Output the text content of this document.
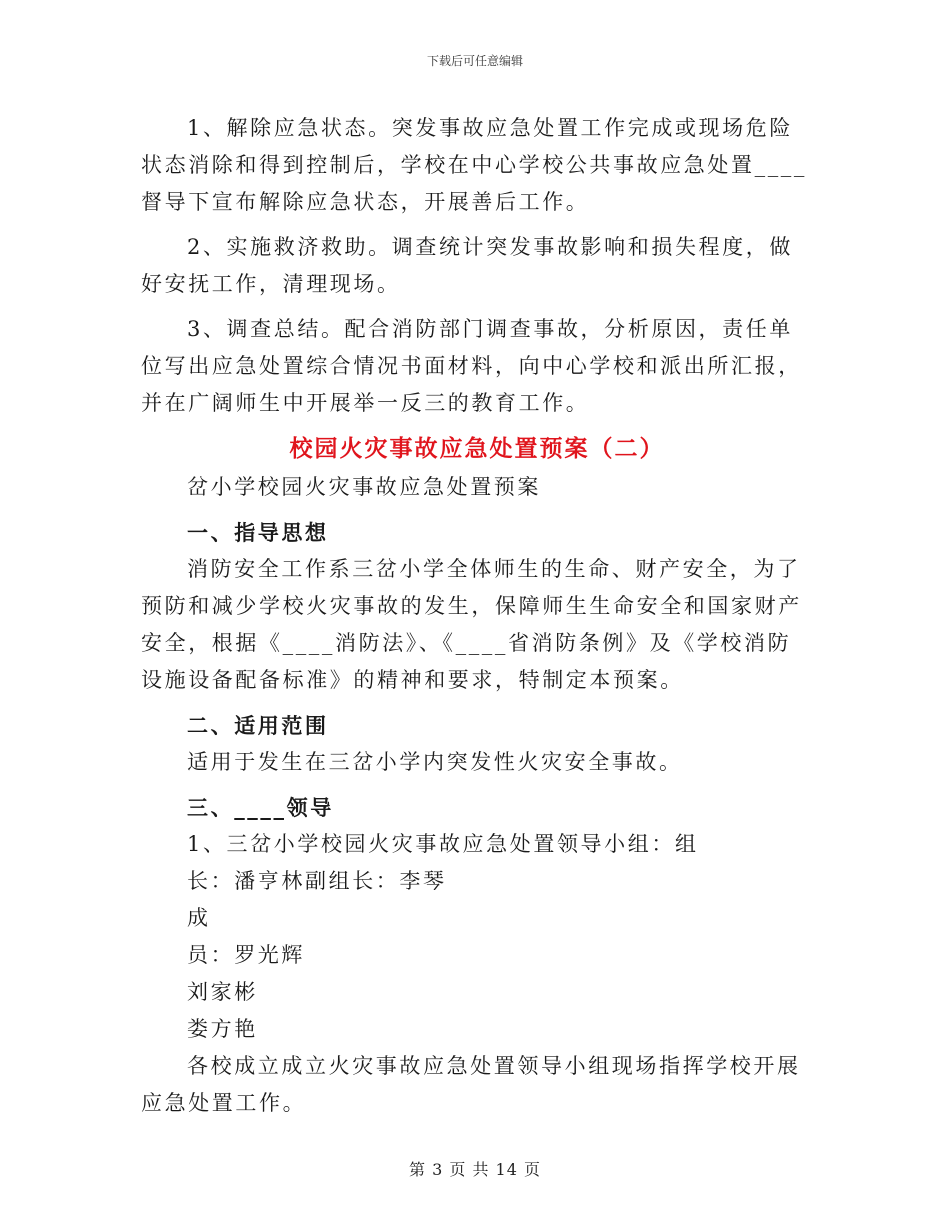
下载后可任意编辑

1、解除应急状态。突发事故应急处置工作完成或现场危险状态消除和得到控制后，学校在中心学校公共事故应急处置____督导下宣布解除应急状态，开展善后工作。

2、实施救济救助。调查统计突发事故影响和损失程度，做好安抚工作，清理现场。

3、调查总结。配合消防部门调查事故，分析原因，责任单位写出应急处置综合情况书面材料，向中心学校和派出所汇报，并在广阔师生中开展举一反三的教育工作。

校园火灾事故应急处置预案（二）
岔小学校园火灾事故应急处置预案
一、指导思想

消防安全工作系三岔小学全体师生的生命、财产安全，为了预防和减少学校火灾事故的发生，保障师生生命安全和国家财产安全，根据《____消防法》、《____省消防条例》及《学校消防设施设备配备标准》的精神和要求，特制定本预案。

二、适用范围
适用于发生在三岔小学内突发性火灾安全事故。
三、____领导
1、三岔小学校园火灾事故应急处置领导小组：组
长：潘亨林副组长：李琴
成
员：罗光辉
刘家彬
娄方艳

各校成立成立火灾事故应急处置领导小组现场指挥学校开展应急处置工作。

第 3 页 共 14 页
